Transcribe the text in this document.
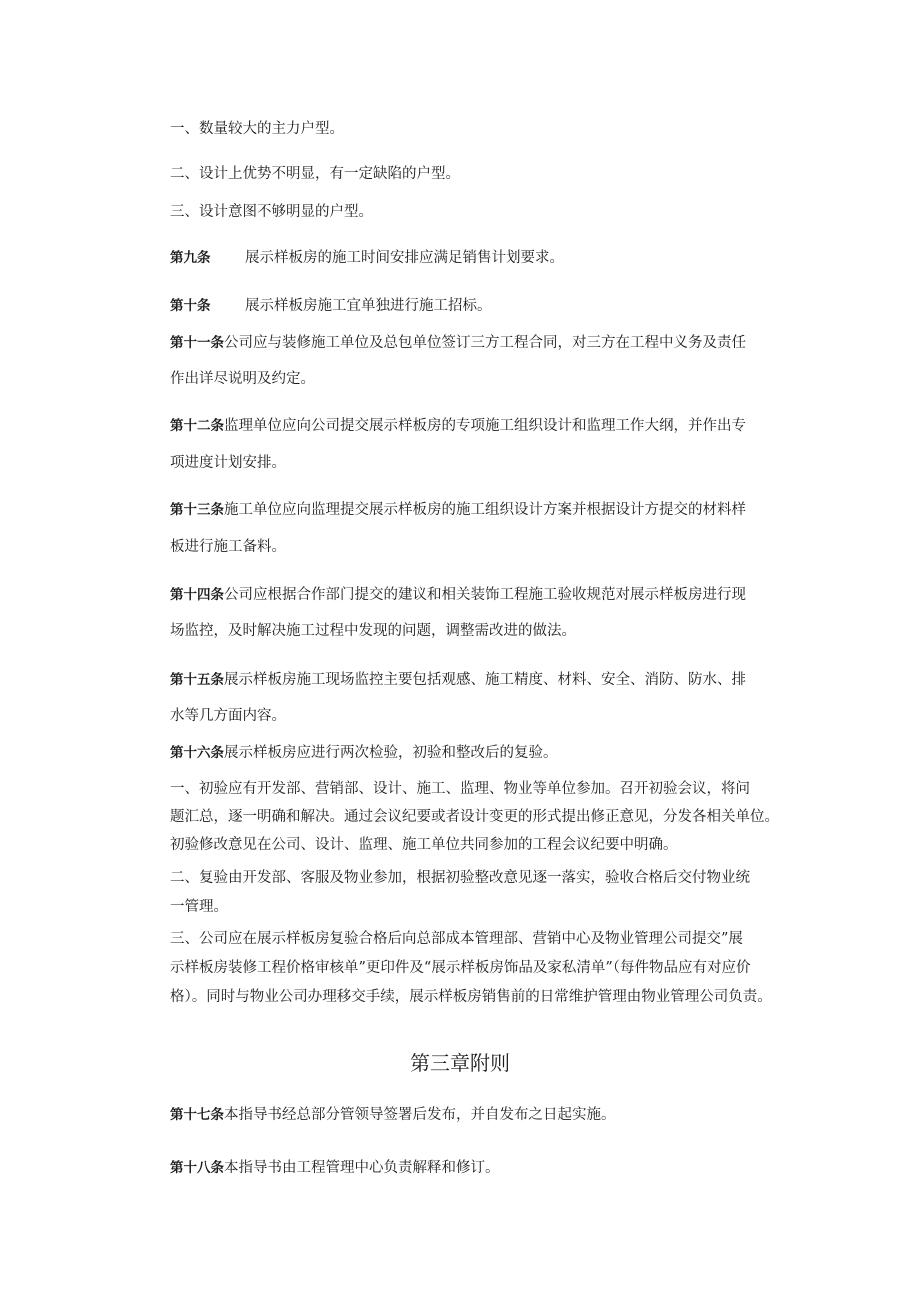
一、数量较大的主力户型。
二、设计上优势不明显，有一定缺陷的户型。
三、设计意图不够明显的户型。
第九条 展示样板房的施工时间安排应满足销售计划要求。
第十条 展示样板房施工宜单独进行施工招标。
第十一条公司应与装修施工单位及总包单位签订三方工程合同，对三方在工程中义务及责任
作出详尽说明及约定。
第十二条监理单位应向公司提交展示样板房的专项施工组织设计和监理工作大纲，并作出专
项进度计划安排。
第十三条施工单位应向监理提交展示样板房的施工组织设计方案并根据设计方提交的材料样
板进行施工备料。
第十四条公司应根据合作部门提交的建议和相关装饰工程施工验收规范对展示样板房进行现
场监控，及时解决施工过程中发现的问题，调整需改进的做法。
第十五条展示样板房施工现场监控主要包括观感、施工精度、材料、安全、消防、防水、排
水等几方面内容。
第十六条展示样板房应进行两次检验，初验和整改后的复验。
一、初验应有开发部、营销部、设计、施工、监理、物业等单位参加。召开初验会议，将问
题汇总，逐一明确和解决。通过会议纪要或者设计变更的形式提出修正意见，分发各相关单位。
初验修改意见在公司、设计、监理、施工单位共同参加的工程会议纪要中明确。
二、复验由开发部、客服及物业参加，根据初验整改意见逐一落实，验收合格后交付物业统
一管理。
三、公司应在展示样板房复验合格后向总部成本管理部、营销中心及物业管理公司提交”展
示样板房装修工程价格审核单”更印件及“展示样板房饰品及家私清单”（每件物品应有对应价
格）。同时与物业公司办理移交手续，展示样板房销售前的日常维护管理由物业管理公司负责。
第三章附则
第十七条本指导书经总部分管领导签署后发布，并自发布之日起实施。
第十八条本指导书由工程管理中心负责解释和修订。
